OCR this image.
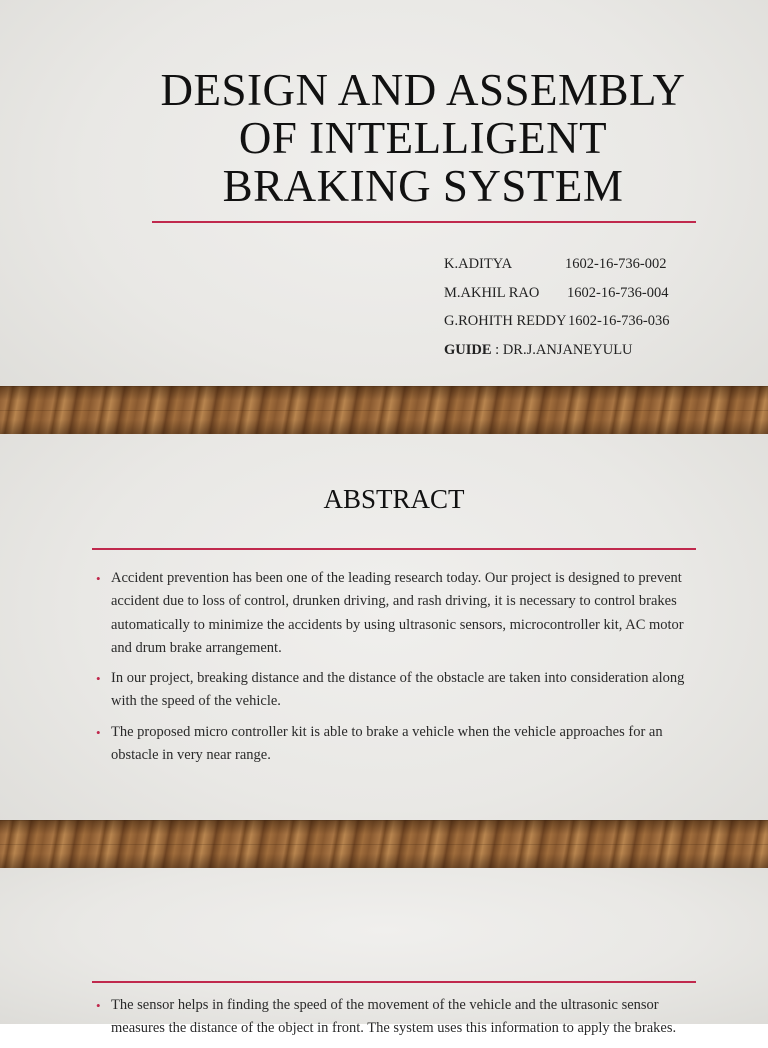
DESIGN AND ASSEMBLY OF INTELLIGENT BRAKING SYSTEM
K.ADITYA	1602-16-736-002
M.AKHIL RAO	1602-16-736-004
G.ROHITH REDDY 1602-16-736-036
GUIDE : DR.J.ANJANEYULU
ABSTRACT
• Accident prevention has been one of the leading research today. Our project is designed to prevent accident due to loss of control, drunken driving, and rash driving, it is necessary to control brakes automatically to minimize the accidents by using ultrasonic sensors, microcontroller kit, AC motor and drum brake arrangement.
• In our project, breaking distance and the distance of the obstacle are taken into consideration along with the speed of the vehicle.
• The proposed micro controller kit is able to brake a vehicle when the vehicle approaches for an obstacle in very near range.
• The sensor helps in finding the speed of the movement of the vehicle and the ultrasonic sensor measures the distance of the object in front. The system uses this information to apply the brakes.
